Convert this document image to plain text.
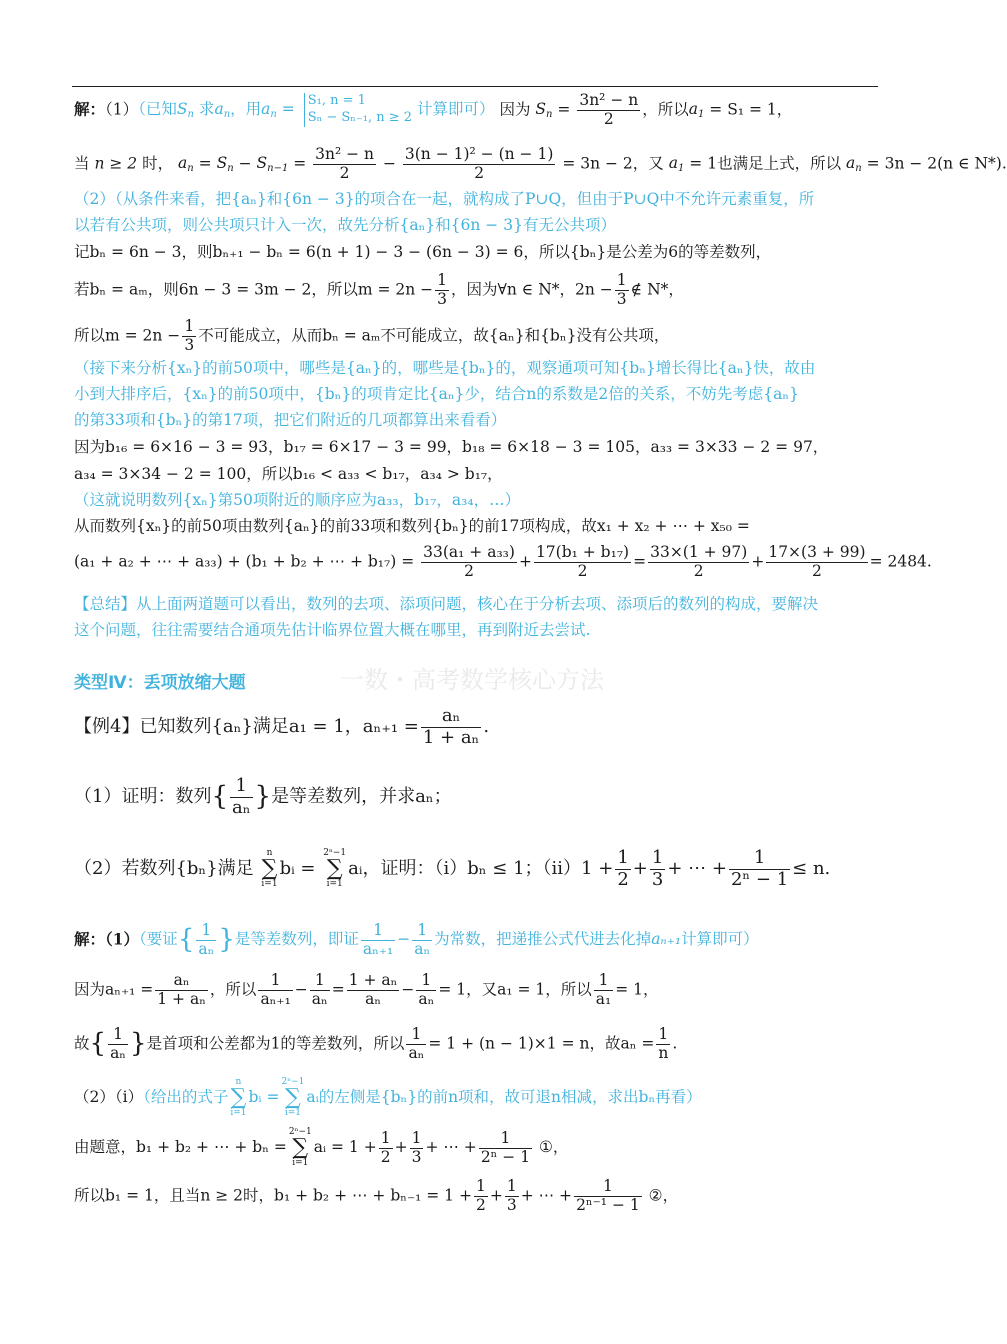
解：（1）（已知$S_n$ 求$a_n$，用$a_n = S_1$, n = 1
Sₙ − Sₙ₋₁, n ≥ 2 计算即可） 因为 $S_n = \frac{\text{3n² − n}}{2}$ ，所以$a_1 = S_1 = 1$，
当 n ≥ 2 时， $a_n = S_n - S_{n-1} = \frac{\text{3n² − n}}{2} - \frac{\text{3(n − 1)² − (n − 1)}}{2} = 3n - 2$，又 $a_1 = 1$也满足上式，所以 $a_n = 3n - 2(n$ ∈ N*).
（2）（从条件来看，把{aₙ}和{6n − 3}的项合在一起，就构成了P∪Q，但由于P∪Q中不允许元素重复，所
以若有公共项，则公共项只计入一次，故先分析{aₙ}和{6n − 3}有无公共项）
记bₙ = 6n − 3，则bₙ₊₁ − bₙ = 6(n + 1) − 3 − (6n − 3) = 6，所以{bₙ}是公差为6的等差数列，
若bₙ = aₘ，则6n − 3 = 3m − 2，所以$m = 2n - \frac{1}{3}$ ，因为∀n ∈ N*，$2n - \frac{1}{3}$ ∉ N*，
所以$m = 2n - \frac{1}{3}$ 不可能成立，从而bₙ = aₘ不可能成立，故{aₙ}和{bₙ}没有公共项，
（接下来分析{xₙ}的前50项中，哪些是{aₙ}的，哪些是{bₙ}的，观察通项可知{bₙ}增长得比{aₙ}快，故由
小到大排序后，{xₙ}的前50项中，{bₙ}的项肯定比{aₙ}少，结合n的系数是2倍的关系，不妨先考虑{aₙ}
的第33项和{bₙ}的第17项，把它们附近的几项都算出来看看）
因为b₁₆ = 6×16 − 3 = 93，b₁₇ = 6×17 − 3 = 99，b₁₈ = 6×18 − 3 = 105，a₃₃ = 3×33 − 2 = 97，
a₃₄ = 3×34 − 2 = 100，所以b₁₆ < a₃₃ < b₁₇，a₃₄ > b₁₇，
（这就说明数列{xₙ}第50项附近的顺序应为a₃₃，b₁₇，a₃₄，…）
从而数列{xₙ}的前50项由数列{aₙ}的前33项和数列{bₙ}的前17项构成，故x₁ + x₂ + ⋯ + x₅₀ =
(a₁ + a₂ + ⋯ + a₃₃) + (b₁ + b₂ + ⋯ + $b_{17}) = \frac{\text{33(a₁ + a₃₃)}}{2} + \frac{\text{17(b₁ + b₁₇)}}{2} = \frac{33\times(1 + 97)}{2} + \frac{17\times(3 + 99)}{2} = 2484$.
【总结】从上面两道题可以看出，数列的去项、添项问题，核心在于分析去项、添项后的数列的构成，要解决
这个问题，往往需要结合通项先估计临界位置大概在哪里，再到附近去尝试.
一数・高考数学核心方法
类型Ⅳ：丢项放缩大题
【例4】已知数列{aₙ}满足a₁ = 1，$a_{n+1} = \frac{\text{aₙ}}{\text{1 + aₙ}}$ .
（1）证明：数列{ $\frac{1}{\text{aₙ}}$ }是等差数列，并求aₙ；
（2）若数列{bₙ}满足
n
∑
i=1
bᵢ =
2ⁿ−1
∑
i=1
aᵢ，证明：（i）bₙ ≤ 1；$(ii)1 + \frac{1}{2} + \frac{1}{3}$ + ⋯ + $\frac{1}{\text{2ⁿ − 1}} \le n$.
解：（1）（要证{ $\frac{1}{\text{aₙ}}$ }是等差数列，即证 $\frac{1}{\text{aₙ₊₁}} - \frac{1}{\text{aₙ}}$ 为常数，把递推公式代进去化掉aₙ₊₁计算即可）
因为$a_{n+1} = \frac{\text{aₙ}}{\text{1 + aₙ}}$ ，所以 $\frac{1}{\text{aₙ₊₁}} - \frac{1}{\text{aₙ}} = \frac{\text{1 + aₙ}}{\text{aₙ}} - \frac{1}{\text{aₙ}} = 1$，又a₁ = 1，所以 $\frac{1}{\text{a₁}} = 1$，
故{ $\frac{1}{\text{aₙ}}$ }是首项和公差都为1的等差数列，所以 $\frac{1}{\text{aₙ}} = 1 + (n - 1)\times 1 = n$，故$a_n = \frac{1}{n}$ .
（2）（i）（给出的式子
n
∑
i=1
bᵢ =
2ⁿ−1
∑
i=1
aᵢ的左侧是{bₙ}的前n项和，故可退n相减，求出bₙ再看）
由题意，b₁ + b₂ + ⋯ + bₙ =
2ⁿ−1
∑
i=1
aᵢ = $1 + \frac{1}{2} + \frac{1}{3}$ + ⋯ + $\frac{1}{\text{2ⁿ − 1}}$ ①，
所以b₁ = 1，且当n ≥ 2时，b₁ + b₂ + ⋯ + $b_{n-1} = 1 + \frac{1}{2} + \frac{1}{3}$ + ⋯ + $\frac{1}{\text{2ⁿ⁻¹ − 1}}$ ②，
